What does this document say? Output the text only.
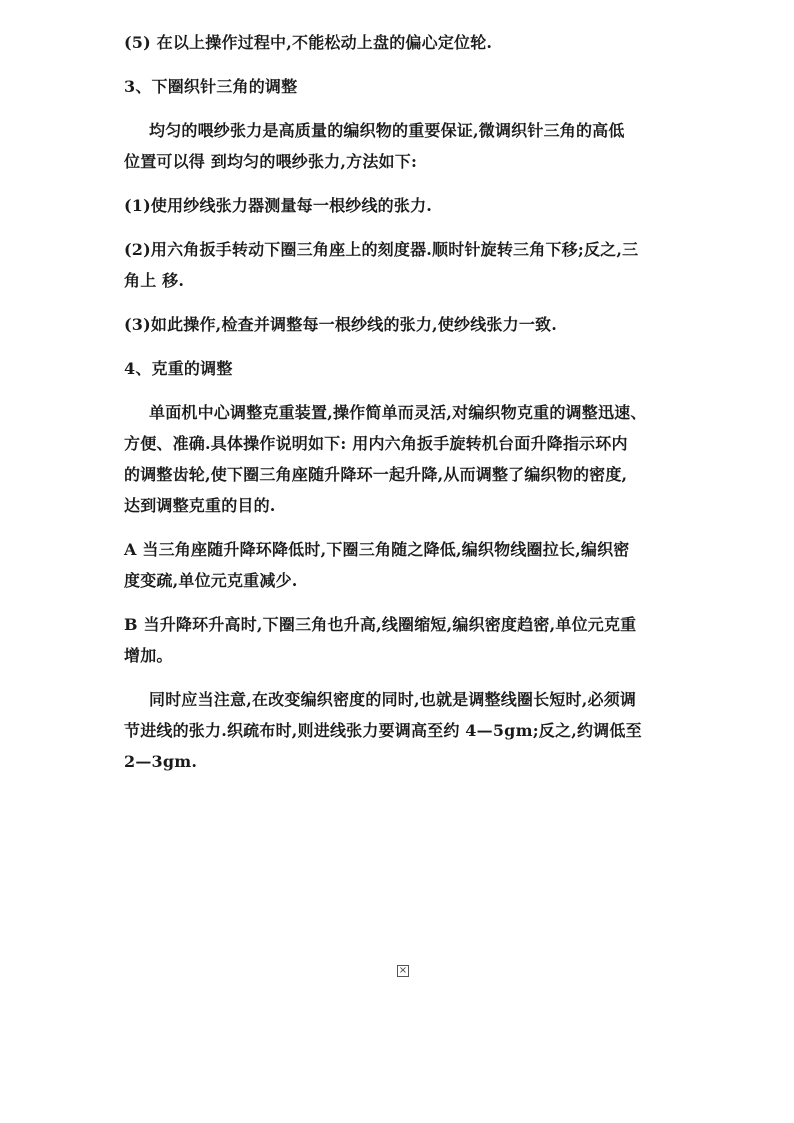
(5) 在以上操作过程中,不能松动上盘的偏心定位轮.
3、下圈织针三角的调整
均匀的喂纱张力是高质量的编织物的重要保证,微调织针三角的高低
位置可以得 到均匀的喂纱张力,方法如下:
(1)使用纱线张力器测量每一根纱线的张力.
(2)用六角扳手转动下圈三角座上的刻度器.顺时针旋转三角下移;反之,三
角上 移.
(3)如此操作,检查并调整每一根纱线的张力,使纱线张力一致.
4、克重的调整
单面机中心调整克重装置,操作简单而灵活,对编织物克重的调整迅速、
方便、准确.具体操作说明如下: 用内六角扳手旋转机台面升降指示环内
的调整齿轮,使下圈三角座随升降环一起升降,从而调整了编织物的密度,
达到调整克重的目的.
A 当三角座随升降环降低时,下圈三角随之降低,编织物线圈拉长,编织密
度变疏,单位元克重减少.
B 当升降环升高时,下圈三角也升高,线圈缩短,编织密度趋密,单位元克重
增加。
同时应当注意,在改变编织密度的同时,也就是调整线圈长短时,必须调
节进线的张力.织疏布时,则进线张力要调高至约 4—5gm;反之,约调低至
2—3gm.
×
